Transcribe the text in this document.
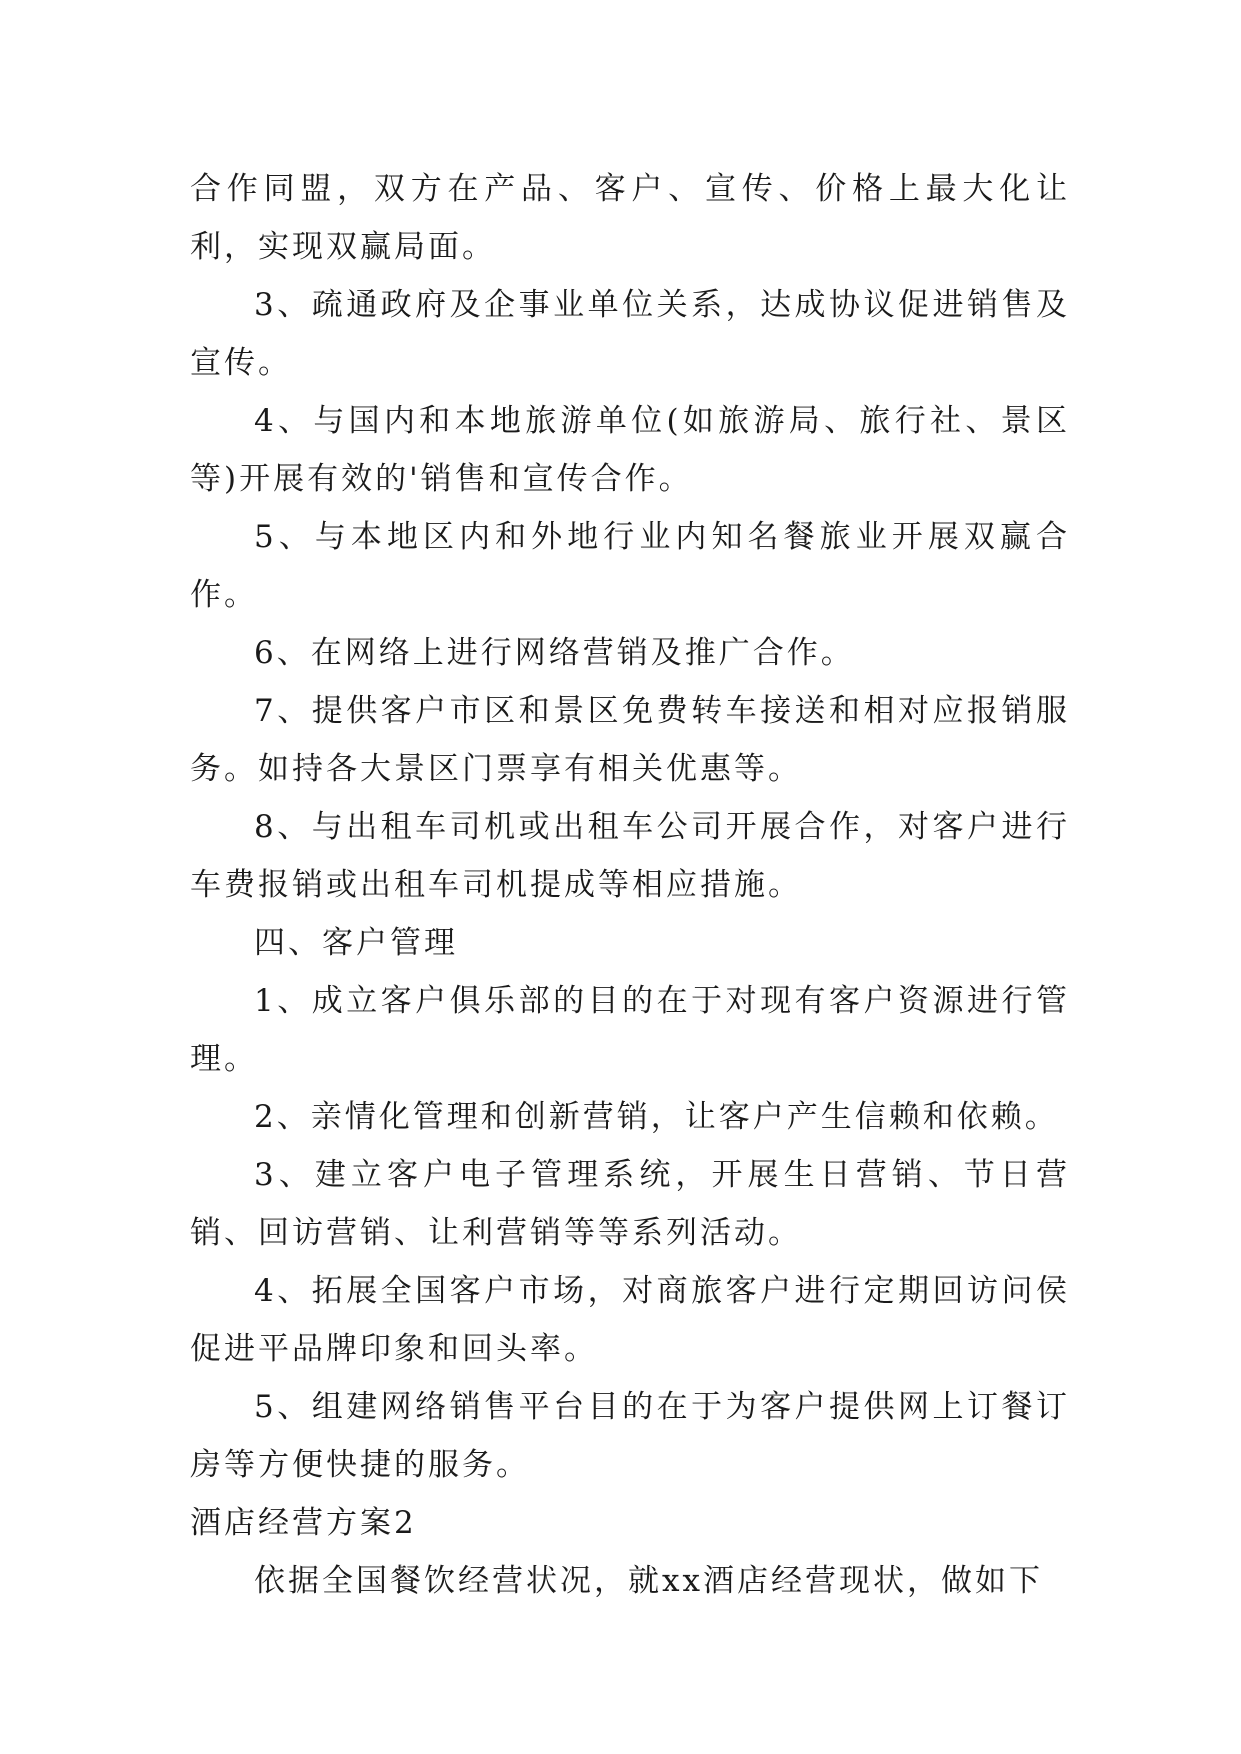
合作同盟，双方在产品、客户、宣传、价格上最大化让利，实现双赢局面。

3、疏通政府及企事业单位关系，达成协议促进销售及宣传。

4、与国内和本地旅游单位(如旅游局、旅行社、景区等)开展有效的'销售和宣传合作。

5、与本地区内和外地行业内知名餐旅业开展双赢合作。

6、在网络上进行网络营销及推广合作。

7、提供客户市区和景区免费转车接送和相对应报销服务。如持各大景区门票享有相关优惠等。

8、与出租车司机或出租车公司开展合作，对客户进行车费报销或出租车司机提成等相应措施。

四、客户管理

1、成立客户俱乐部的目的在于对现有客户资源进行管理。

2、亲情化管理和创新营销，让客户产生信赖和依赖。

3、建立客户电子管理系统，开展生日营销、节日营销、回访营销、让利营销等等系列活动。

4、拓展全国客户市场，对商旅客户进行定期回访问侯促进平品牌印象和回头率。

5、组建网络销售平台目的在于为客户提供网上订餐订房等方便快捷的服务。

酒店经营方案2

依据全国餐饮经营状况，就xx酒店经营现状，做如下
